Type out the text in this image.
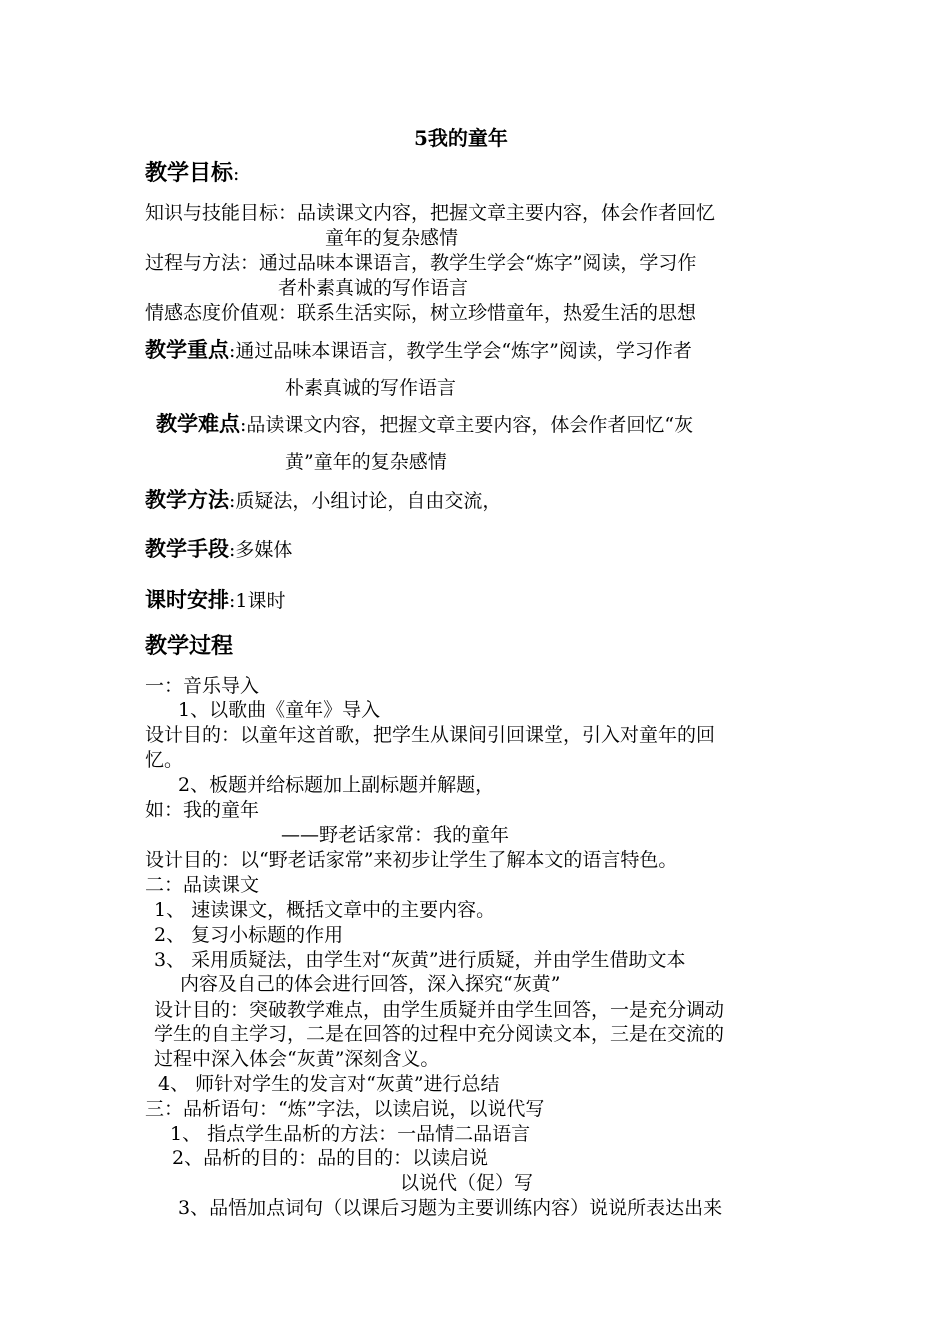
5我的童年
教学目标:
知识与技能目标：品读课文内容，把握文章主要内容，体会作者回忆
童年的复杂感情
过程与方法：通过品味本课语言，教学生学会“炼字”阅读，学习作
者朴素真诚的写作语言
情感态度价值观：联系生活实际，树立珍惜童年，热爱生活的思想
教学重点:通过品味本课语言，教学生学会“炼字”阅读，学习作者
朴素真诚的写作语言
教学难点:品读课文内容，把握文章主要内容，体会作者回忆“灰
黄”童年的复杂感情
教学方法:质疑法，小组讨论，自由交流，
教学手段:多媒体
课时安排:1课时
教学过程
一：音乐导入
1、以歌曲《童年》导入
设计目的：以童年这首歌，把学生从课间引回课堂，引入对童年的回
忆。
2、板题并给标题加上副标题并解题，
如：我的童年
——野老话家常：我的童年
设计目的：以“野老话家常”来初步让学生了解本文的语言特色。
二：品读课文
1、 速读课文，概括文章中的主要内容。
2、 复习小标题的作用
3、 采用质疑法，由学生对“灰黄”进行质疑，并由学生借助文本
内容及自己的体会进行回答，深入探究“灰黄”
设计目的：突破教学难点，由学生质疑并由学生回答，一是充分调动
学生的自主学习，二是在回答的过程中充分阅读文本，三是在交流的
过程中深入体会“灰黄”深刻含义。
4、 师针对学生的发言对“灰黄”进行总结
三：品析语句：“炼”字法，以读启说，以说代写
1、 指点学生品析的方法：一品情二品语言
2、品析的目的：品的目的：以读启说
以说代（促）写
3、品悟加点词句（以课后习题为主要训练内容）说说所表达出来
